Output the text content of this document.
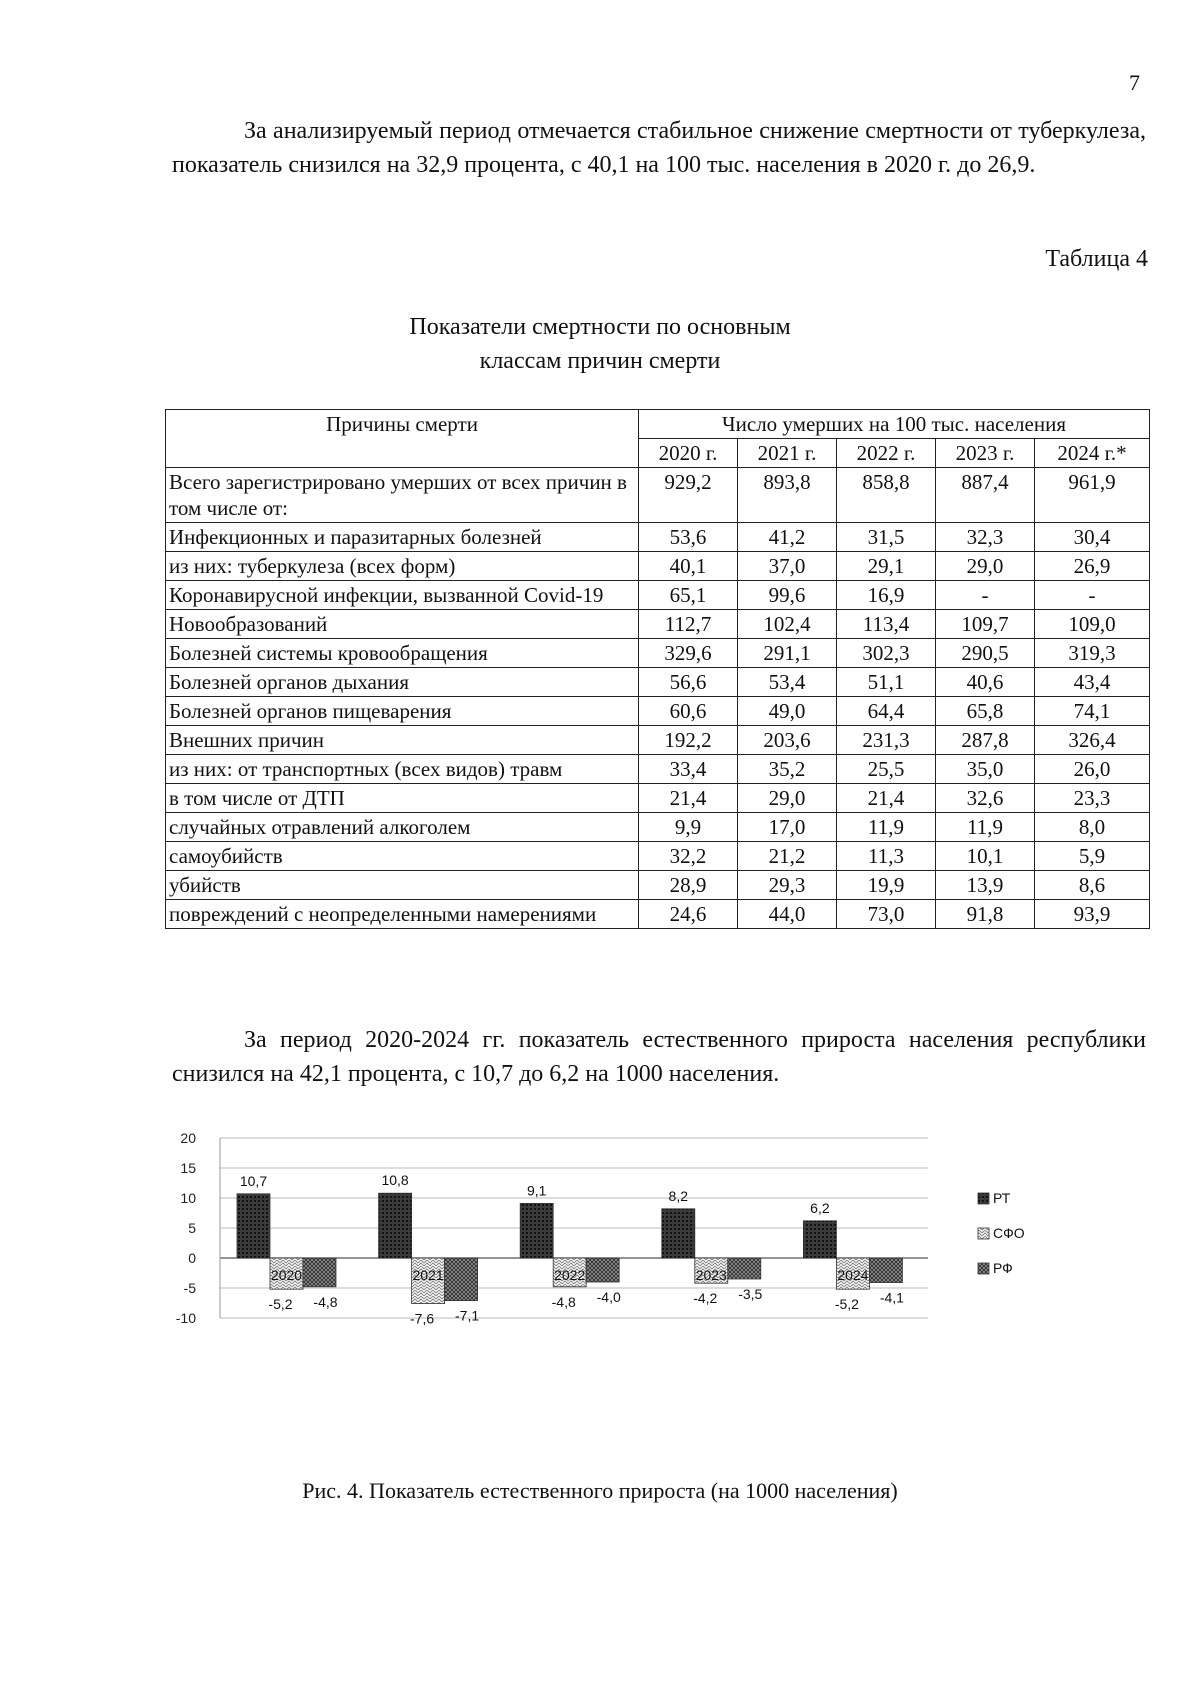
7

За анализируемый период отмечается стабильное снижение смертности от туберкулеза, показатель снизился на 32,9 процента, с 40,1 на 100 тыс. населения в 2020 г. до 26,9.

Таблица 4
Показатели смертности по основным
классам причин смерти
Причины смерти	Число умерших на 100 тыс. населения				
	2020 г.	2021 г.	2022 г.	2023 г.	2024 г.*
Всего зарегистрировано умерших от всех причин в том числе от:	929,2	893,8	858,8	887,4	961,9
Инфекционных и паразитарных болезней	53,6	41,2	31,5	32,3	30,4
из них: туберкулеза (всех форм)	40,1	37,0	29,1	29,0	26,9
Коронавирусной инфекции, вызванной Covid-19	65,1	99,6	16,9	-	-
Новообразований	112,7	102,4	113,4	109,7	109,0
Болезней системы кровообращения	329,6	291,1	302,3	290,5	319,3
Болезней органов дыхания	56,6	53,4	51,1	40,6	43,4
Болезней органов пищеварения	60,6	49,0	64,4	65,8	74,1
Внешних причин	192,2	203,6	231,3	287,8	326,4
из них: от транспортных (всех видов) травм	33,4	35,2	25,5	35,0	26,0
в том числе от ДТП	21,4	29,0	21,4	32,6	23,3
случайных отравлений алкоголем	9,9	17,0	11,9	11,9	8,0
самоубийств	32,2	21,2	11,3	10,1	5,9
убийств	28,9	29,3	19,9	13,9	8,6
повреждений с неопределенными намерениями	24,6	44,0	73,0	91,8	93,9

За период 2020-2024 гг. показатель естественного прироста населения республики снизился на 42,1 процента, с 10,7 до 6,2 на 1000 населения.

20
15
10
5
0
-5
-10
10,7
-5,2 -4,8
10,8
-7,6 -7,1
9,1
-4,8 -4,0
8,2
-4,2 -3,5
6,2
-5,2 -4,1
2020	2021	2022	2023	2024
РТ
СФО
РФ
Рис. 4. Показатель естественного прироста (на 1000 населения)
